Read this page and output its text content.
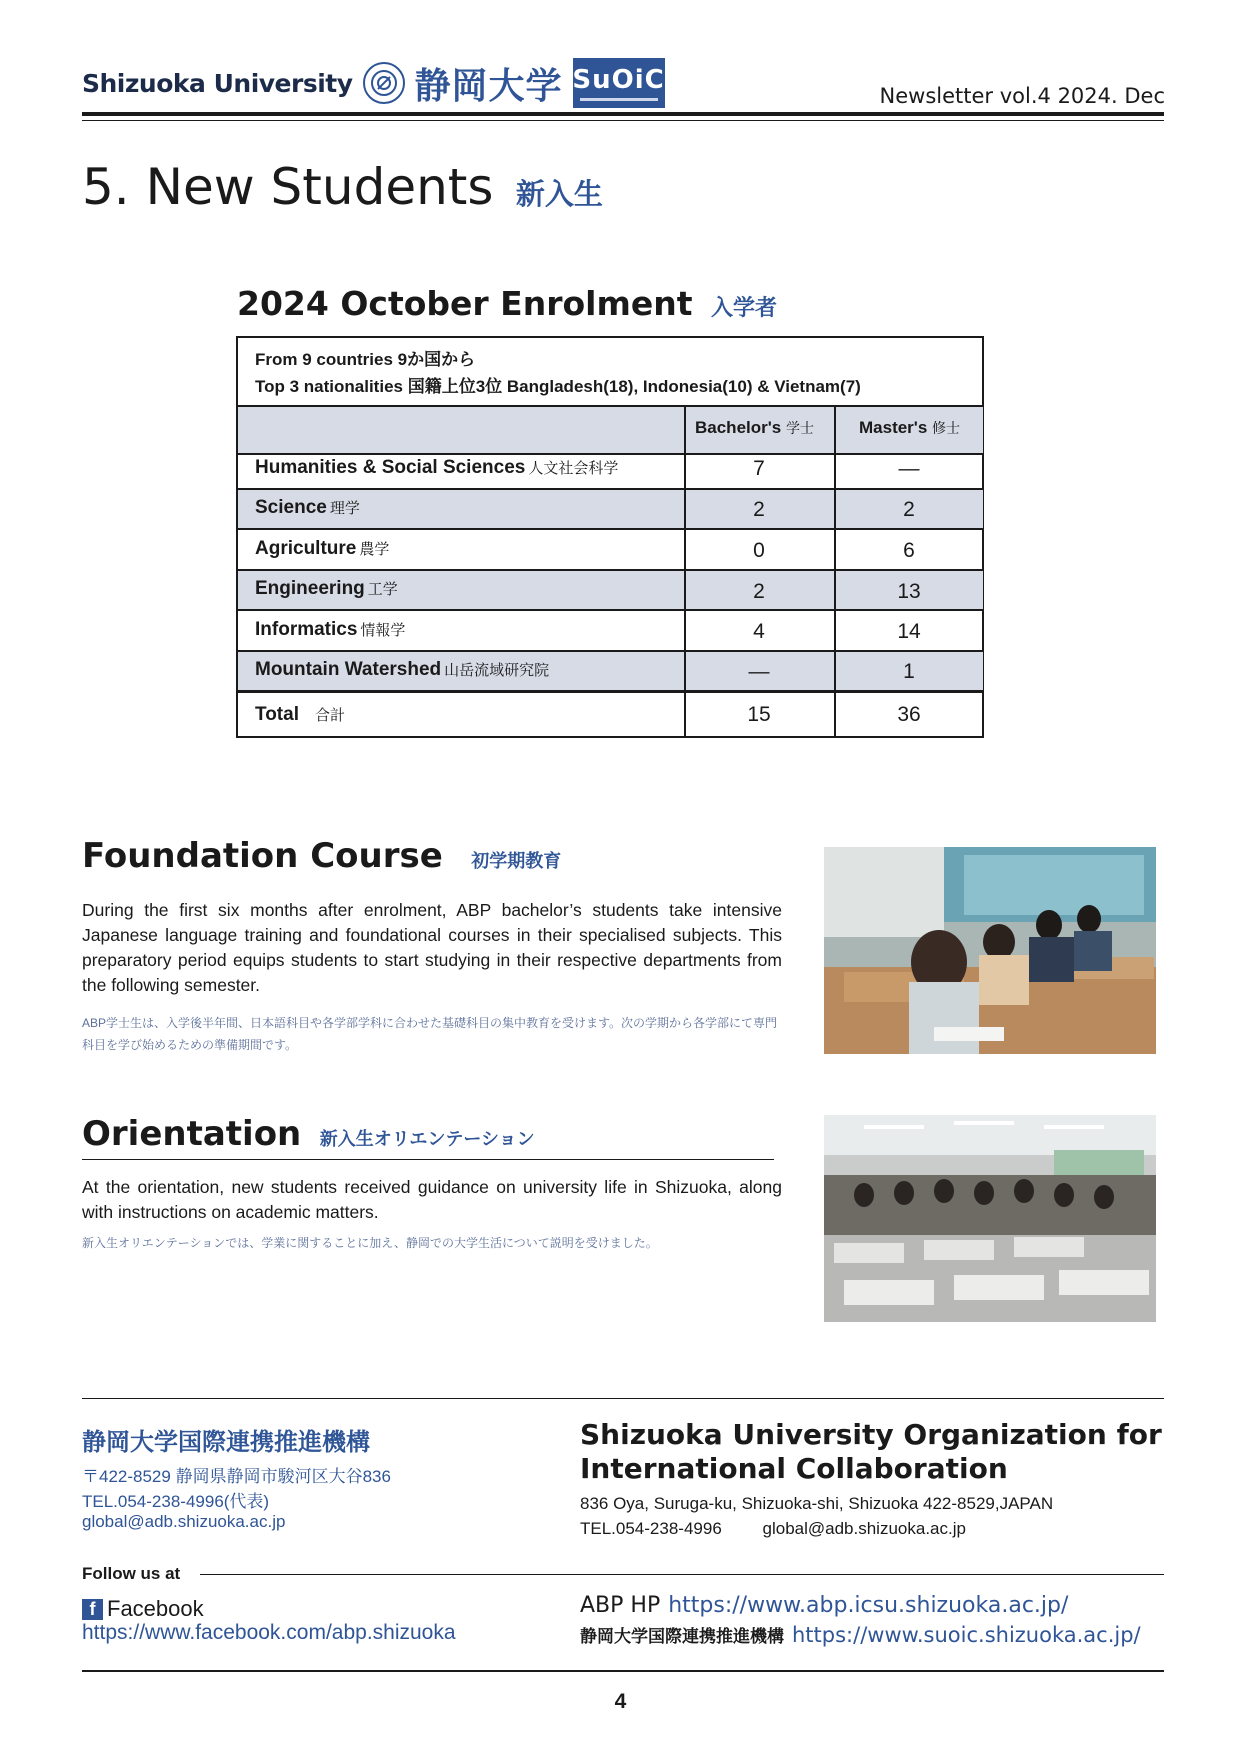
Shizuoka University 静岡大学 SuOiC
Newsletter vol.4 2024. Dec
5. New Students 新入生
2024 October Enrolment 入学者
From 9 countries 9か国から
Top 3 nationalities 国籍上位3位 Bangladesh(18), Indonesia(10) & Vietnam(7)
Bachelor's 学士	Master's 修士
Humanities & Social Sciences 人文社会科学	7	—
Science 理学	2	2
Agriculture 農学	0	6
Engineering 工学	2	13
Informatics 情報学	4	14
Mountain Watershed 山岳流域研究院	—	1
Total 合計	15	36
Foundation Course 初学期教育
During the first six months after enrolment, ABP bachelor’s students take intensive Japanese language training and foundational courses in their specialised subjects. This preparatory period equips students to start studying in their respective departments from the following semester.
ABP学士生は、入学後半年間、日本語科目や各学部学科に合わせた基礎科目の集中教育を受けます。次の学期から各学部にて専門科目を学び始めるための準備期間です。
Orientation 新入生オリエンテーション
At the orientation, new students received guidance on university life in Shizuoka, along with instructions on academic matters.
新入生オリエンテーションでは、学業に関することに加え、静岡での大学生活について説明を受けました。
静岡大学国際連携推進機構
〒422-8529 静岡県静岡市駿河区大谷836
TEL.054-238-4996(代表)
global@adb.shizuoka.ac.jp
Shizuoka University Organization for International Collaboration
836 Oya, Suruga-ku, Shizuoka-shi, Shizuoka 422-8529,JAPAN
TEL.054-238-4996 global@adb.shizuoka.ac.jp
Follow us at
f Facebook
https://www.facebook.com/abp.shizuoka
ABP HP https://www.abp.icsu.shizuoka.ac.jp/
静岡大学国際連携推進機構 https://www.suoic.shizuoka.ac.jp/
4
